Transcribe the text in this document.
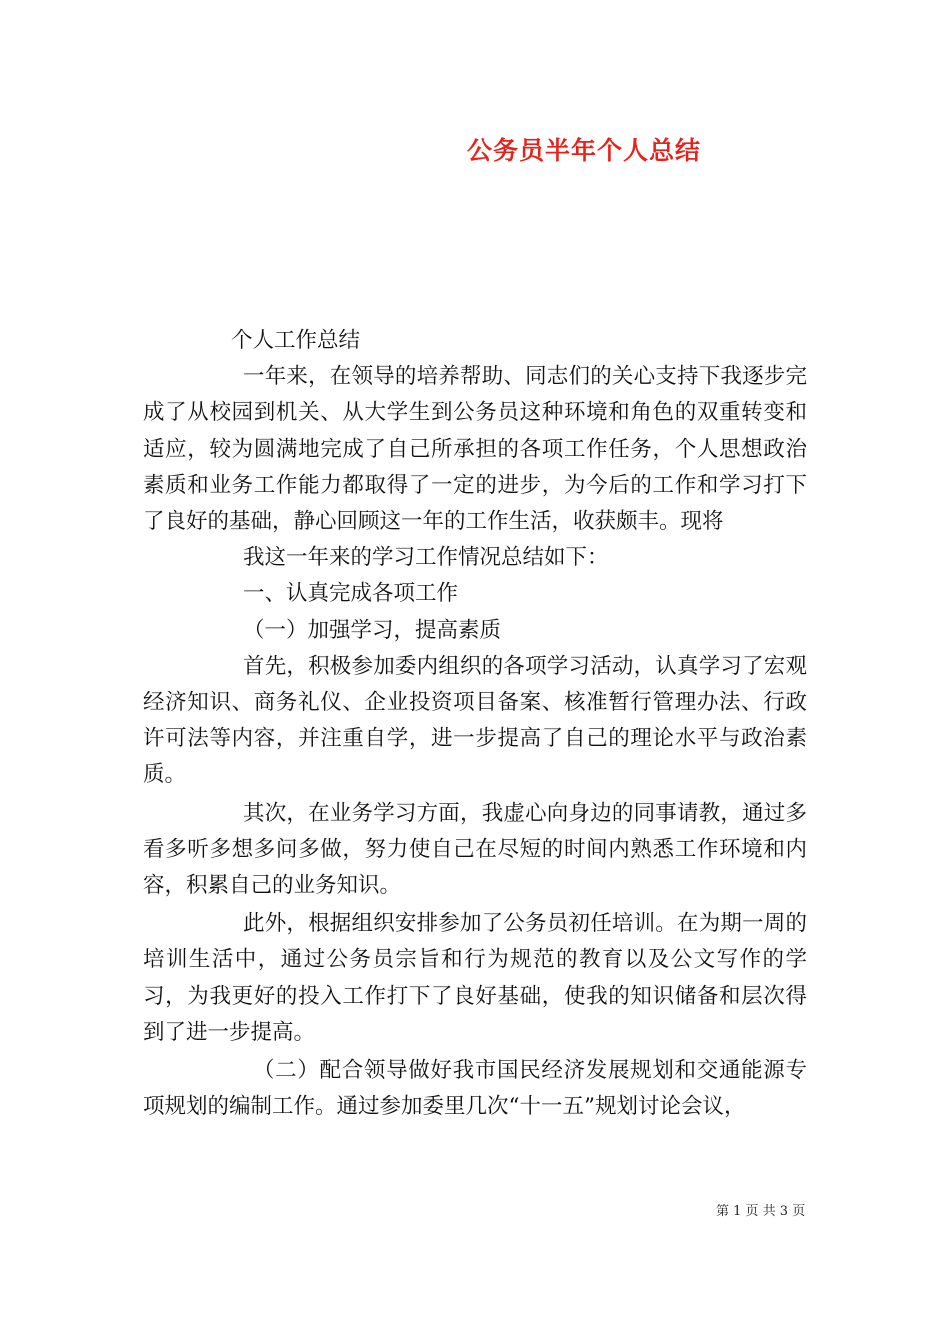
公务员半年个人总结

个人工作总结

一年来，在领导的培养帮助、同志们的关心支持下我逐步完成了从校园到机关、从大学生到公务员这种环境和角色的双重转变和适应，较为圆满地完成了自己所承担的各项工作任务，个人思想政治素质和业务工作能力都取得了一定的进步，为今后的工作和学习打下了良好的基础，静心回顾这一年的工作生活，收获颇丰。现将

我这一年来的学习工作情况总结如下：

一、认真完成各项工作

（一）加强学习，提高素质

首先，积极参加委内组织的各项学习活动，认真学习了宏观经济知识、商务礼仪、企业投资项目备案、核准暂行管理办法、行政许可法等内容，并注重自学，进一步提高了自己的理论水平与政治素质。

其次，在业务学习方面，我虚心向身边的同事请教，通过多看多听多想多问多做，努力使自己在尽短的时间内熟悉工作环境和内容，积累自己的业务知识。

此外，根据组织安排参加了公务员初任培训。在为期一周的培训生活中，通过公务员宗旨和行为规范的教育以及公文写作的学习，为我更好的投入工作打下了良好基础，使我的知识储备和层次得到了进一步提高。

（二）配合领导做好我市国民经济发展规划和交通能源专项规划的编制工作。通过参加委里几次“十一五”规划讨论会议，

第 1 页 共 3 页
